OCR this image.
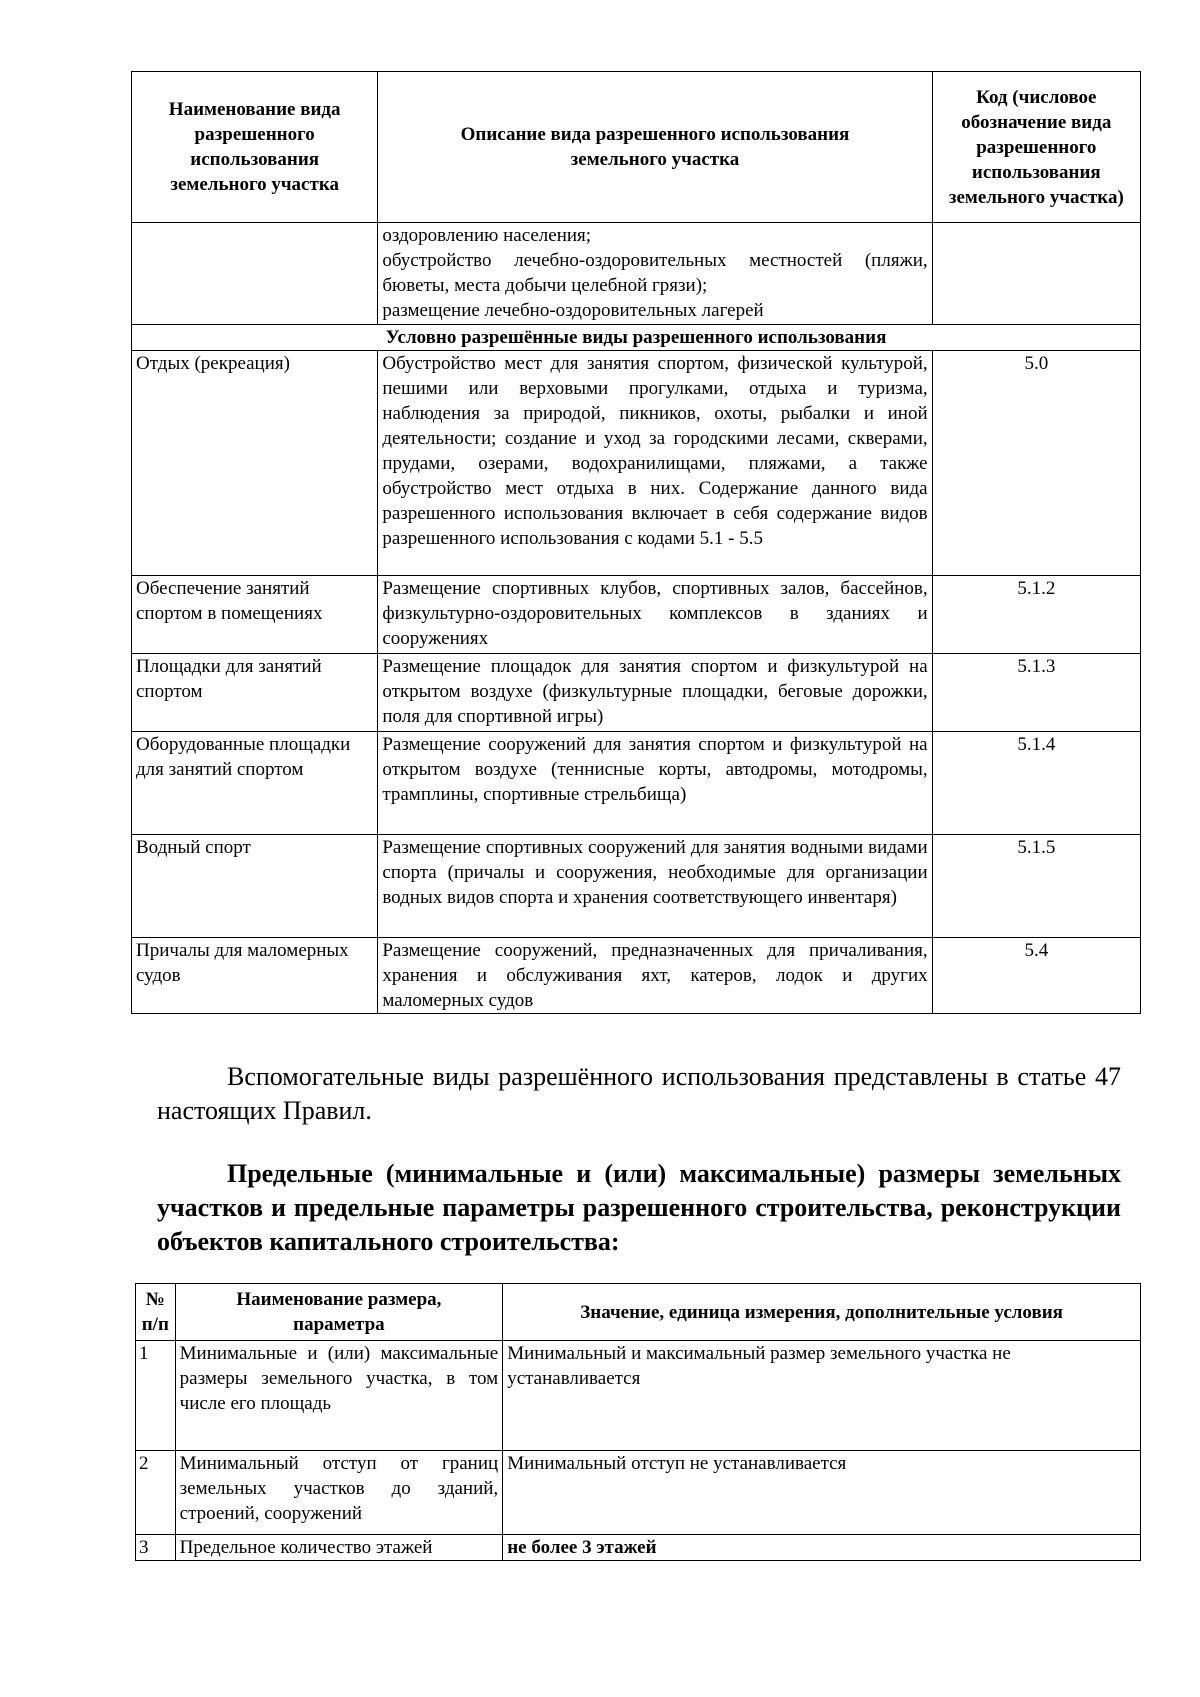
Наименование вида разрешенного использования земельного участка	Описание вида разрешенного использования земельного участка	Код (числовое обозначение вида разрешенного использования земельного участка)

	оздоровлению населения;
обустройство лечебно-оздоровительных местностей (пляжи, бюветы, места добычи целебной грязи);
размещение лечебно-оздоровительных лагерей	

Условно разрешённые виды разрешенного использования		
Отдых (рекреация)	Обустройство мест для занятия спортом, физической культурой, пешими или верховыми прогулками, отдыха и туризма, наблюдения за природой, пикников, охоты, рыбалки и иной деятельности; создание и уход за городскими лесами, скверами, прудами, озерами, водохранилищами, пляжами, а также обустройство мест отдыха в них. Содержание данного вида разрешенного использования включает в себя содержание видов разрешенного использования с кодами 5.1 - 5.5	5.0
Обеспечение занятий спортом в помещениях	Размещение спортивных клубов, спортивных залов, бассейнов, физкультурно-оздоровительных комплексов в зданиях и сооружениях	5.1.2
Площадки для занятий спортом	Размещение площадок для занятия спортом и физкультурой на открытом воздухе (физкультурные площадки, беговые дорожки, поля для спортивной игры)	5.1.3
Оборудованные площадки для занятий спортом	Размещение сооружений для занятия спортом и физкультурой на открытом воздухе (теннисные корты, автодромы, мотодромы, трамплины, спортивные стрельбища)	5.1.4
Водный спорт	Размещение спортивных сооружений для занятия водными видами спорта (причалы и сооружения, необходимые для организации водных видов спорта и хранения соответствующего инвентаря)	5.1.5
Причалы для маломерных судов	Размещение сооружений, предназначенных для причаливания, хранения и обслуживания яхт, катеров, лодок и других маломерных судов	5.4
Вспомогательные виды разрешённого использования представлены в статье 47 настоящих Правил.
Предельные (минимальные и (или) максимальные) размеры земельных участков и предельные параметры разрешенного строительства, реконструкции объектов капитального строительства:
№ п/п	Наименование размера, параметра	Значение, единица измерения, дополнительные условия
1	Минимальные и (или) максимальные размеры земельного участка, в том числе его площадь	Минимальный и максимальный размер земельного участка не устанавливается
2	Минимальный отступ от границ земельных участков до зданий, строений, сооружений	Минимальный отступ не устанавливается
3	Предельное количество этажей	не более 3 этажей
